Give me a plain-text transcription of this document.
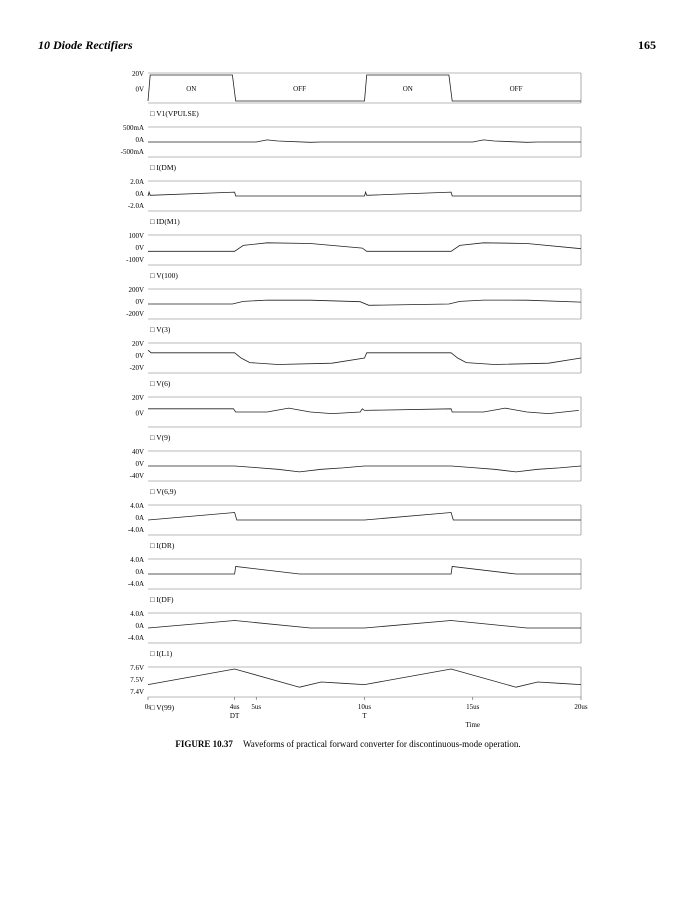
10 Diode Rectifiers	165
20V
0V
□ V1(VPULSE)
500mA
0A
-500mA
□ I(DM)
2.0A
0A
-2.0A
□ ID(M1)
100V
0V
-100V
□ V(100)
200V
0V
-200V
□ V(3)
20V
0V
-20V
□ V(6)
20V
0V
□ V(9)
40V
0V
-40V
□ V(6,9)
4.0A
0A
-4.0A
□ I(DR)
4.0A
0A
-4.0A
□ I(DF)
4.0A
0A
-4.0A
□ I(L1)
7.6V
7.5V
7.4V
□ V(99)
ON	OFF	ON	OFF
0s	4us 5us	10us	15us	20us
DT	T
Time
FIGURE 10.37 Waveforms of practical forward converter for discontinuous-mode operation.
